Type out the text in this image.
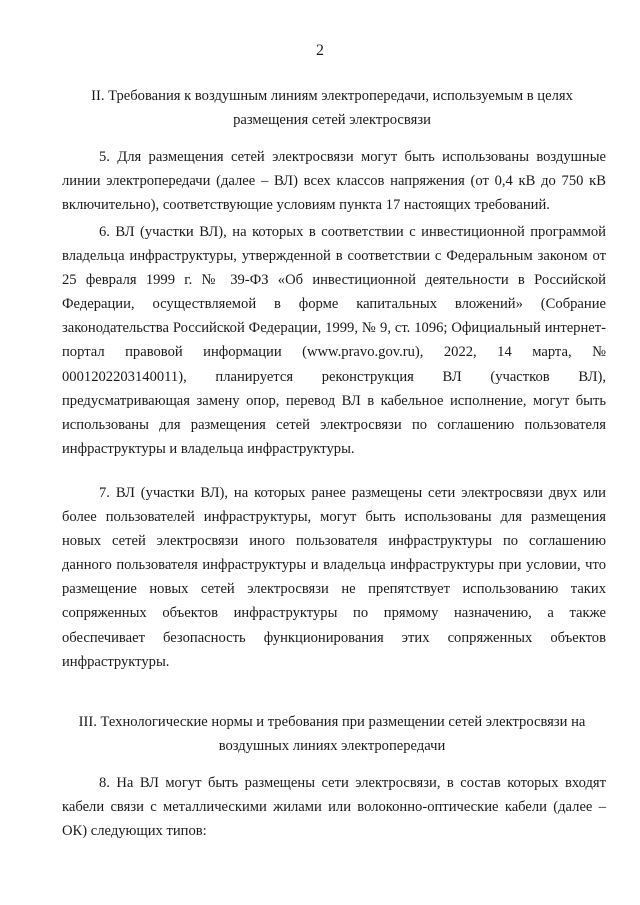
2
II. Требования к воздушным линиям электропередачи, используемым в целях размещения сетей электросвязи

5. Для размещения сетей электросвязи могут быть использованы воздушные линии электропередачи (далее – ВЛ) всех классов напряжения (от 0,4 кВ до 750 кВ включительно), соответствующие условиям пункта 17 настоящих требований.

6. ВЛ (участки ВЛ), на которых в соответствии с инвестиционной программой владельца инфраструктуры, утвержденной в соответствии с Федеральным законом от 25 февраля 1999 г. № 39-ФЗ «Об инвестиционной деятельности в Российской Федерации, осуществляемой в форме капитальных вложений» (Собрание законодательства Российской Федерации, 1999, № 9, ст. 1096; Официальный интернет-портал правовой информации (www.pravo.gov.ru), 2022, 14 марта, № 0001202203140011), планируется реконструкция ВЛ (участков ВЛ), предусматривающая замену опор, перевод ВЛ в кабельное исполнение, могут быть использованы для размещения сетей электросвязи по соглашению пользователя инфраструктуры и владельца инфраструктуры.

7. ВЛ (участки ВЛ), на которых ранее размещены сети электросвязи двух или более пользователей инфраструктуры, могут быть использованы для размещения новых сетей электросвязи иного пользователя инфраструктуры по соглашению данного пользователя инфраструктуры и владельца инфраструктуры при условии, что размещение новых сетей электросвязи не препятствует использованию таких сопряженных объектов инфраструктуры по прямому назначению, а также обеспечивает безопасность функционирования этих сопряженных объектов инфраструктуры.

III. Технологические нормы и требования при размещении сетей электросвязи на воздушных линиях электропередачи

8. На ВЛ могут быть размещены сети электросвязи, в состав которых входят кабели связи с металлическими жилами или волоконно-оптические кабели (далее – ОК) следующих типов:
